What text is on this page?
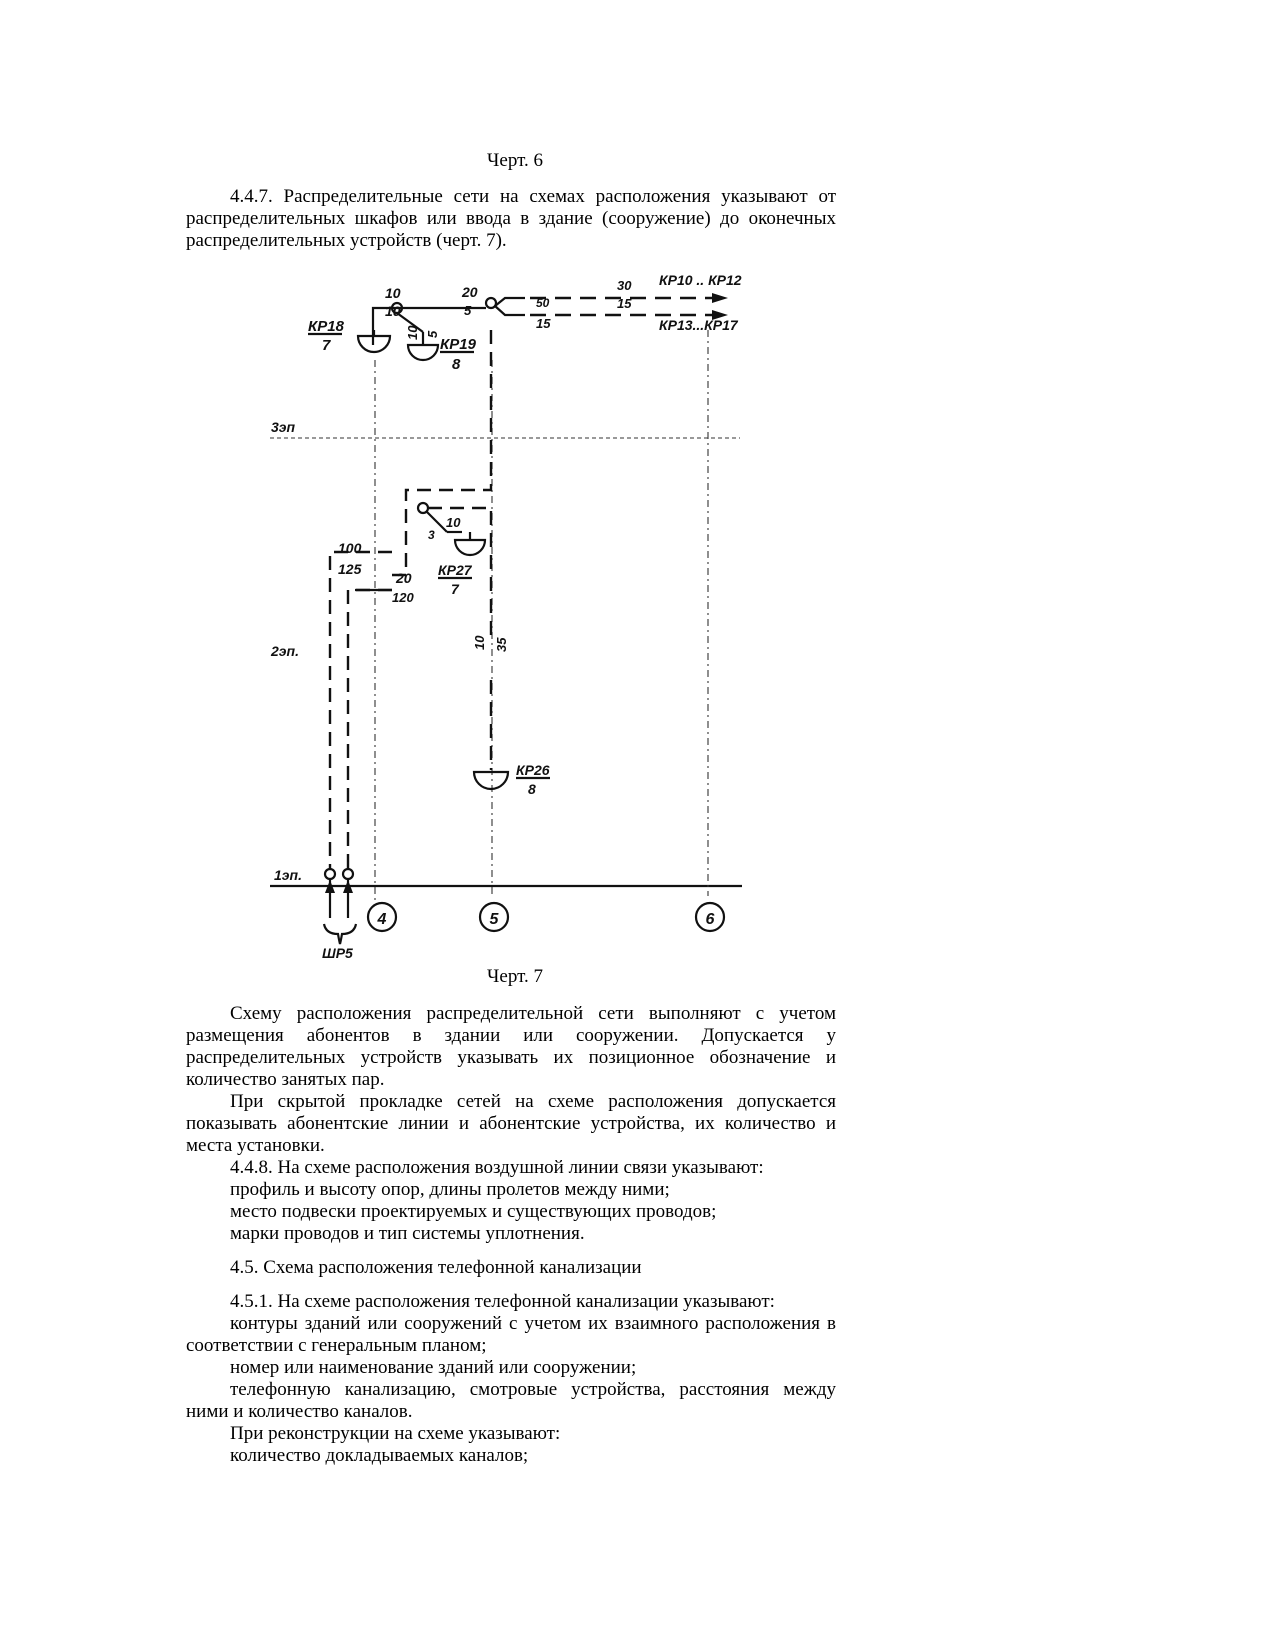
Черт. 6

4.4.7. Распределительные сети на схемах расположения указывают от распределительных шкафов или ввода в здание (сооружение) до оконечных распределительных устройств (черт. 7).

4	5	6
КР18
7
10
10
10 5
20
5
КР19
8
30
15
КР10 .. КР12
50
15	КР13...КР17
3эп
2эп.
1эп.
10
3
КР27
7
100
125
20
120
10 35
КР26
8
ШР5
Черт. 7

Схему расположения распределительной сети выполняют с учетом размещения абонентов в здании или сооружении. Допускается у распределительных устройств указывать их позиционное обозначение и количество занятых пар.

При скрытой прокладке сетей на схеме расположения допускается показывать абонентские линии и абонентские устройства, их количество и места установки.

4.4.8. На схеме расположения воздушной линии связи указывают:

профиль и высоту опор, длины пролетов между ними;

место подвески проектируемых и существующих проводов;

марки проводов и тип системы уплотнения.

4.5. Схема расположения телефонной канализации

4.5.1. На схеме расположения телефонной канализации указывают:

контуры зданий или сооружений с учетом их взаимного расположения в соответствии с генеральным планом;

номер или наименование зданий или сооружении;

телефонную канализацию, смотровые устройства, расстояния между ними и количество каналов.

При реконструкции на схеме указывают:

количество докладываемых каналов;
